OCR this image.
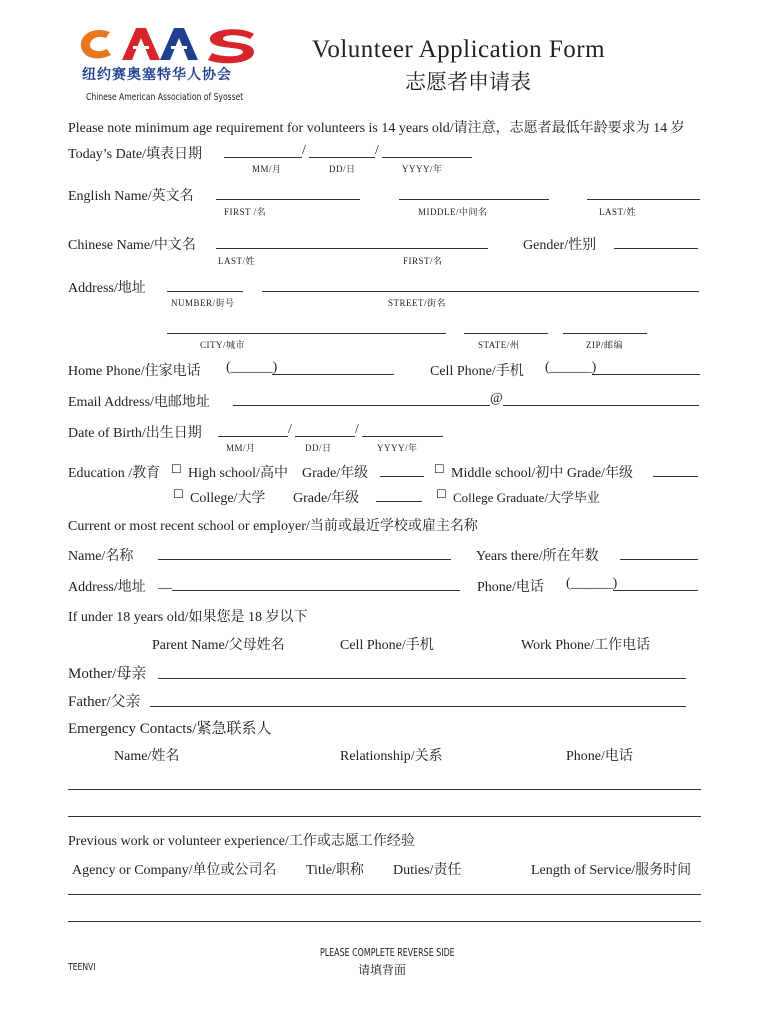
纽约赛奥塞特华人协会
Chinese American Association of Syosset
Volunteer Application Form
志愿者申请表
Please note minimum age requirement for volunteers is 14 years old/请注意，志愿者最低年龄要求为 14 岁
Today’s Date/填表日期	/	/
MM/月	DD/日	YYYY/年
English Name/英文名
FIRST /名	MIDDLE/中间名	LAST/姓
Chinese Name/中文名	Gender/性别
LAST/姓	FIRST/名
Address/地址
NUMBER/街号	STREET/街名
CITY/城市	STATE/州	ZIP/邮编
Home Phone/住家电话 (______)	Cell Phone/手机 (______)
Email Address/电邮地址	@
Date of Birth/出生日期	/	/
MM/月	DD/日	YYYY/年
Education /教育 ☐ High school/高中 Grade/年级	☐ Middle school/初中 Grade/年级
☐ College/大学 Grade/年级	☐ College Graduate/大学毕业
Current or most recent school or employer/当前或最近学校或雇主名称
Name/名称	Years there/所在年数
Address/地址 __	Phone/电话 (______)
If under 18 years old/如果您是 18 岁以下
Parent Name/父母姓名	Cell Phone/手机	Work Phone/工作电话
Mother/母亲
Father/父亲
Emergency Contacts/紧急联系人
Name/姓名	Relationship/关系	Phone/电话
Previous work or volunteer experience/工作或志愿工作经验
Agency or Company/单位或公司名 Title/职称 Duties/责任	Length of Service/服务时间
TEENVI
PLEASE COMPLETE REVERSE SIDE
请填背面
